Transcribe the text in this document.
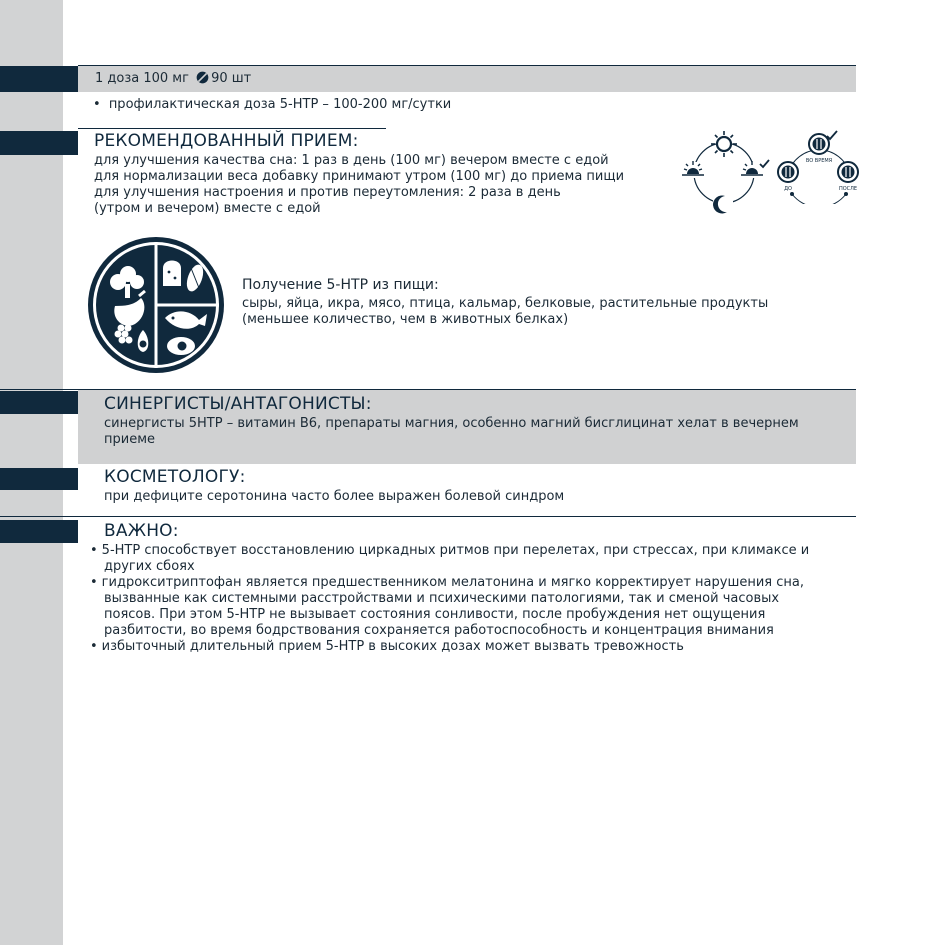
1 доза 100 мг 90 шт
• профилактическая доза 5-HTP – 100-200 мг/сутки
РЕКОМЕНДОВАННЫЙ ПРИЕМ:
для улучшения качества сна: 1 раз в день (100 мг) вечером вместе с едой
для нормализации веса добавку принимают утром (100 мг) до приема пищи
для улучшения настроения и против переутомления: 2 раза в день
(утром и вечером) вместе с едой
ВО ВРЕМЯ
ДО	ПОСЛЕ
Получение 5-HTP из пищи:
сыры, яйца, икра, мясо, птица, кальмар, белковые, растительные продукты
(меньшее количество, чем в животных белках)
СИНЕРГИСТЫ/АНТАГОНИСТЫ:
синергисты 5HTP – витамин В6, препараты магния, особенно магний бисглицинат хелат в вечернем
приеме
КОСМЕТОЛОГУ:
при дефиците серотонина часто более выражен болевой синдром
ВАЖНО:
• 5-HTP способствует восстановлению циркадных ритмов при перелетах, при стрессах, при климаксе и
других сбоях
• гидрокситриптофан является предшественником мелатонина и мягко корректирует нарушения сна,
вызванные как системными расстройствами и психическими патологиями, так и сменой часовых
поясов. При этом 5-HTP не вызывает состояния сонливости, после пробуждения нет ощущения
разбитости, во время бодрствования сохраняется работоспособность и концентрация внимания
• избыточный длительный прием 5-HTP в высоких дозах может вызвать тревожность
